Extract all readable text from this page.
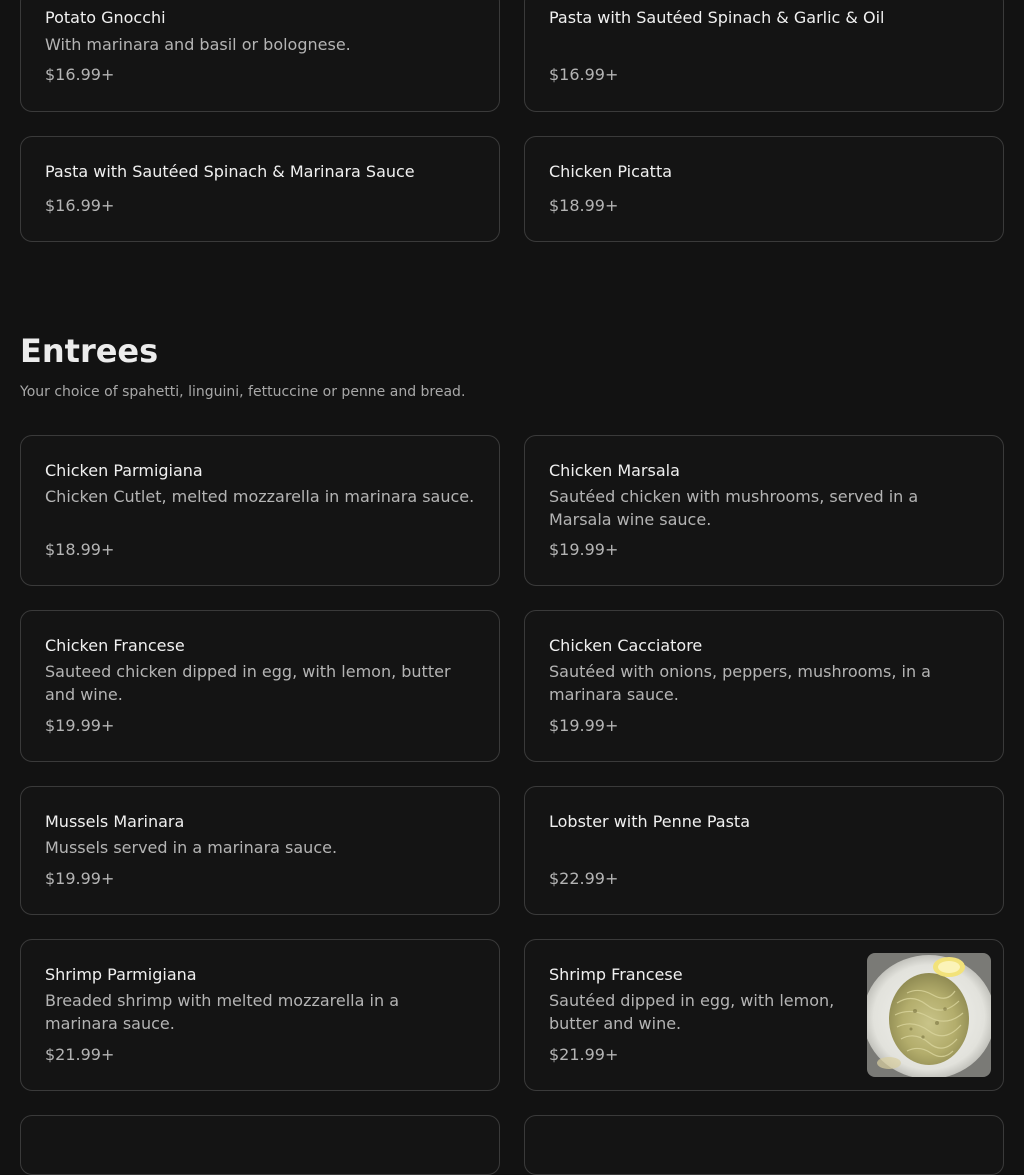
Potato Gnocchi
With marinara and basil or bolognese.
$16.99+
Pasta with Sautéed Spinach & Garlic & Oil
$16.99+
Pasta with Sautéed Spinach & Marinara Sauce
$16.99+
Chicken Picatta
$18.99+
Entrees

Your choice of spahetti, linguini, fettuccine or penne and bread.

Chicken Parmigiana
Chicken Cutlet, melted mozzarella in marinara sauce.
$18.99+
Chicken Marsala
Sautéed chicken with mushrooms, served in a Marsala wine sauce.
$19.99+
Chicken Francese
Sauteed chicken dipped in egg, with lemon, butter and wine.
$19.99+
Chicken Cacciatore
Sautéed with onions, peppers, mushrooms, in a marinara sauce.
$19.99+
Mussels Marinara
Mussels served in a marinara sauce.
$19.99+
Lobster with Penne Pasta
$22.99+
Shrimp Parmigiana
Breaded shrimp with melted mozzarella in a marinara sauce.
$21.99+
Shrimp Francese
Sautéed dipped in egg, with lemon, butter and wine.
$21.99+
